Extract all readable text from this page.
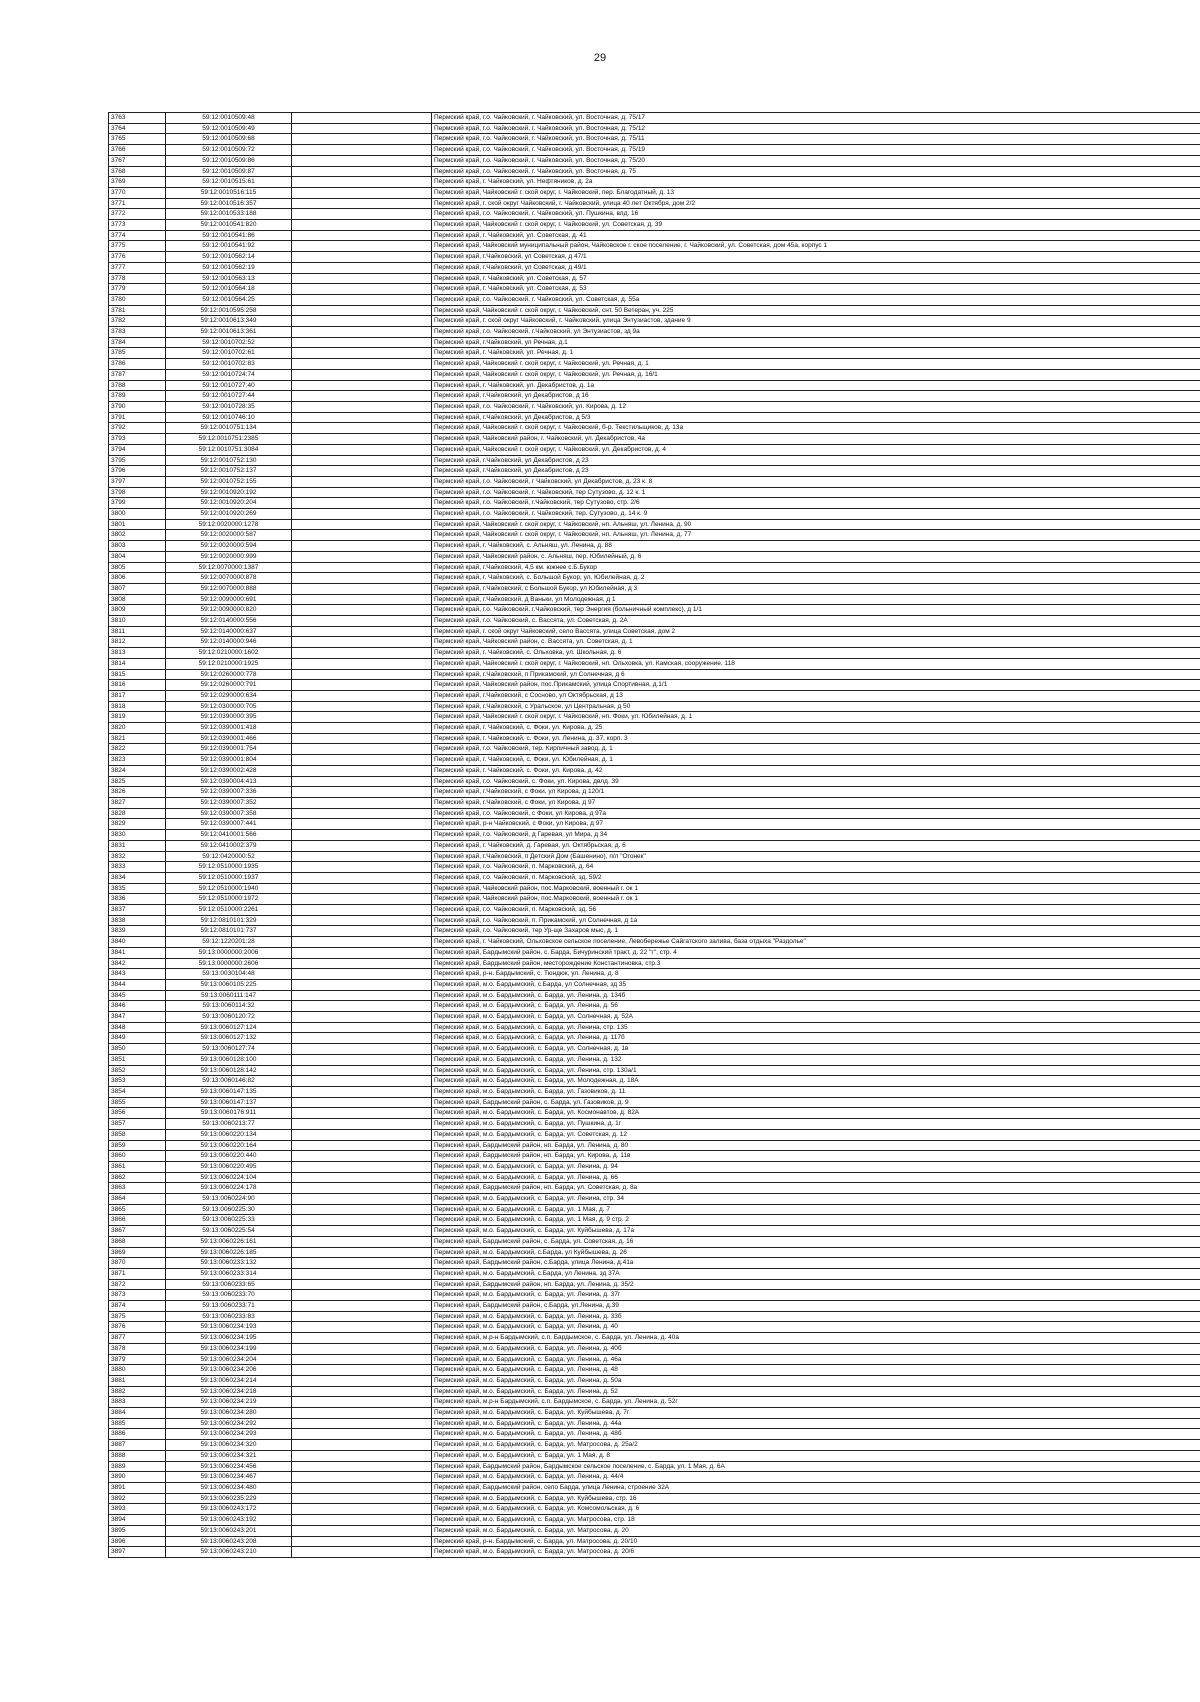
29
3763	59:12:0010509:48		Пермский край, г.о. Чайковский, г. Чайковский, ул. Восточная, д. 75/17
3764	59:12:0010509:49		Пермский край, г.о. Чайковский, г. Чайковский, ул. Восточная, д. 75/12
3765	59:12:0010509:68		Пермский край, г.о. Чайковский, г. Чайковский, ул. Восточная, д. 75/11
3766	59:12:0010509:72		Пермский край, г.о. Чайковский, г. Чайковский, ул. Восточная, д. 75/19
3767	59:12:0010509:86		Пермский край, г.о. Чайковский, г. Чайковский, ул. Восточная, д. 75/20
3768	59:12:0010509:87		Пермский край, г.о. Чайковский, г. Чайковский, ул. Восточная, д. 75
3769	59:12:0010515:61		Пермский край, г. Чайковский, ул. Нефтяников, д. 2а
3770	59:12:0010516:115		Пермский край, Чайковский г. ской округ, г. Чайковский, пер. Благодатный, д. 13
3771	59:12:0010516:357		Пермский край, г. ской округ Чайковский, г. Чайковский, улица 40 лет Октября, дом 2/2
3772	59:12:0010533:188		Пермский край, г.о. Чайковский, г. Чайковский, ул. Пушкина, влд. 16
3773	59:12:0010541:820		Пермский край, Чайковский г. ской округ, г. Чайковский, ул. Советская, д. 39
3774	59:12:0010541:86		Пермский край, г. Чайковский, ул. Советская, д. 41
3775	59:12:0010541:92		Пермский край, Чайковский муниципальный район, Чайковское г. ское поселение, г. Чайковский, ул. Советская, дом 45а, корпус 1
3776	59:12:0010562:14		Пермский край, г.Чайковский, ул Советская, д 47/1
3777	59:12:0010562:19		Пермский край, г.Чайковский, ул Советская, д 49/1
3778	59:12:0010563:13		Пермский край, г. Чайковский, ул. Советская, д. 57
3779	59:12:0010564:18		Пермский край, г. Чайковский, ул. Советская, д. 53
3780	59:12:0010564:25		Пермский край, г.о. Чайковский, г. Чайковский, ул. Советская, д. 55а
3781	59:12:0010595:258		Пермский край, Чайковский г. ской округ, г. Чайковский, снт. 50 Ветеран, уч. 225
3782	59:12:0010613:349		Пермский край, г. ской округ Чайковский, г. Чайковский, улица Энтузиастов, здание 9
3783	59:12:0010613:361		Пермский край, г.о. Чайковский, г.Чайковский, ул Энтузиастов, зд 9а
3784	59:12:0010702:52		Пермский край, г.Чайковский, ул Речная, д.1
3785	59:12:0010702:61		Пермский край, г. Чайковский, ул. Речная, д. 1
3786	59:12:0010702:83		Пермский край, Чайковский г. ской округ, г. Чайковский, ул. Речная, д. 1
3787	59:12:0010724:74		Пермский край, Чайковский г. ской округ, г. Чайковский, ул. Речная, д. 16/1
3788	59:12:0010727:40		Пермский край, г. Чайковский, ул. Декабристов, д. 1а
3789	59:12:0010727:44		Пермский край, г.Чайковский, ул Декабристов, д 16
3790	59:12:0010728:35		Пермский край, г.о. Чайковский, г. Чайковский, ул. Кирова, д. 12
3791	59:12:0010746:10		Пермский край, г.Чайковский, ул Декабристов, д 5/3
3792	59:12:0010751:134		Пермский край, Чайковский г. ской округ, г. Чайковский, б-р. Текстильщиков, д. 13а
3793	59:12:0010751:2385		Пермский край, Чайковский район, г. Чайковский, ул. Декабристов, 4а
3794	59:12:0010751:3084		Пермский край, Чайковский г. ской округ, г. Чайковский, ул. Декабристов, д. 4
3795	59:12:0010752:130		Пермский край, г.Чайковский, ул Декабристов, д 23
3796	59:12:0010752:137		Пермский край, г.Чайковский, ул Декабристов, д 23
3797	59:12:0010752:155		Пермский край, г.о. Чайковский, г Чайковский, ул Декабристов, д. 23 к. 8
3798	59:12:0010920:192		Пермский край, г.о. Чайковский, г. Чайковский, тер Сутузово, д. 12 к. 1
3799	59:12:0010920:204		Пермский край, г.о. Чайковский, г.Чайковский, тер Сутузово, стр. 2/6
3800	59:12:0010920:269		Пермский край, г.о. Чайковский, г. Чайковский, тер. Сутузово, д. 14 к. 9
3801	59:12:0020000:1278		Пермский край, Чайковский г. ской округ, г. Чайковский, нп. Альняш, ул. Ленина, д. 90
3802	59:12:0020000:587		Пермский край, Чайковский г. ской округ, г. Чайковский, нп. Альняш, ул. Ленина, д. 77
3803	59:12:0020000:594		Пермский край, г. Чайковский, с. Альняш, ул. Ленина, д. 88
3804	59:12:0020000:999		Пермский край, Чайковский район, с. Альняш, пер. Юбилейный, д. 6
3805	59:12:0070000:1387		Пермский край, г.Чайковский, 4,5 км. южнее с.Б.Букор
3806	59:12:0070000:878		Пермский край, г. Чайковский, с. Большой Букор, ул. Юбилейная, д. 2
3807	59:12:0070000:888		Пермский край, г.Чайковский, с Большой Букор, ул Юбилейная, д 3
3808	59:12:0090000:691		Пермский край, г.Чайковский, д Ваньки, ул Молодежная, д 1
3809	59:12:0090000:820		Пермский край, г.о. Чайковский, г.Чайковский, тер Энергия (больничный комплекс), д 1/1
3810	59:12:0140000:556		Пермский край, г.о. Чайковский, с. Вассята, ул. Советская, д. 2А
3811	59:12:0140000:637		Пермский край, г. ской округ Чайковский, село Вассята, улица Советская, дом 2
3812	59:12:0140000:946		Пермский край, Чайковский район, с. Вассята, ул. Советская, д. 1
3813	59:12:0210000:1602		Пермский край, г. Чайковский, с. Ольховка, ул. Школьная, д. 6
3814	59:12:0210000:1925		Пермский край, Чайковский г. ской округ, г. Чайковский, нп. Ольховка, ул. Камская, сооружение. 118
3815	59:12:0260000:778		Пермский край, г.Чайковский, п Прикамский, ул Солнечная, д 6
3816	59:12:0260000:791		Пермский край, Чайковский район, пос.Прикамский, улица Спортивная, д.1/1
3817	59:12:0290000:634		Пермский край, г.Чайковский, с Сосново, ул Октябрьская, д 13
3818	59:12:0300000:705		Пермский край, г.Чайковский, с Уральское, ул Центральная, д 50
3819	59:12:0390000:395		Пермский край, Чайковский г. ской округ, г. Чайковский, нп. Фоки, ул. Юбилейная, д. 1
3820	59:12:0390001:418		Пермский край, г. Чайковский, с. Фоки, ул. Кирова, д. 25
3821	59:12:0390001:466		Пермский край, г. Чайковский, с. Фоки, ул. Ленина, д. 37, корп. 3
3822	59:12:0390001:754		Пермский край, г.о. Чайковский, тер. Кирпичный завод, д. 1
3823	59:12:0390001:804		Пермский край, г. Чайковский, с. Фоки, ул. Юбилейная, д. 1
3824	59:12:0390002:428		Пермский край, г. Чайковский, с. Фоки, ул. Кирова, д. 42
3825	59:12:0390004:413		Пермский край, г.о. Чайковский, с. Фоки, ул. Кирова, двлд. 39
3826	59:12:0390007:336		Пермский край, г.Чайковский, с Фоки, ул Кирова, д 120/1
3827	59:12:0390007:352		Пермский край, г.Чайковский, с Фоки, ул Кирова, д 97
3828	59:12:0390007:358		Пермский край, г.о. Чайковский, с Фоки, ул Кирова, д 97а
3829	59:12:0390007:441		Пермский край, р-н Чайковский, с Фоки, ул Кирова, д 97
3830	59:12:0410001:566		Пермский край, г.о. Чайковский, д Гаревая, ул Мира, д 34
3831	59:12:0410002:379		Пермский край, г. Чайковский, д. Гаревая, ул. Октябрьская, д. 6
3832	59:12:0420000:52		Пермский край, г.Чайковский, п Детский Дом (Башенино), п/л "Огонек"
3833	59:12:0510000:1935		Пермский край, г.о. Чайковский, п. Марковский, д. 64
3834	59:12:0510000:1937		Пермский край, г.о. Чайковский, п. Марковский, зд. 59/2
3835	59:12:0510000:1940		Пермский край, Чайковский район, пос.Марковский, военный г. ок 1
3836	59:12:0510000:1972		Пермский край, Чайковский район, пос.Марковский, военный г. ок 1
3837	59:12:0510000:2261		Пермский край, г.о. Чайковский, п. Марковский, зд. 56
3838	59:12:0810101:329		Пермский край, г.о. Чайковский, п. Прикамский, ул Солнечная, д 1а
3839	59:12:0810101:737		Пермский край, г.о. Чайковский, тер Ур-ще Захаров мыс, д. 1
3840	59:12:1220201:28		Пермский край, г. Чайковский, Ольховское сельское поселение, Левобережье Сайгатского залива, база отдыха "Раздолье"
3841	59:13:0000000:2006		Пермский край, Бардымский район, с. Барда, Бичуринский тракт, д. 22 "г", стр. 4
3842	59:13:0000000:2606		Пермский край, Бардымский район, месторождение Константиновка, стр.3
3843	59:13:0030104:48		Пермский край, р-н. Бардымский, с. Тюндюк, ул. Ленина, д. 8
3844	59:13:0060105:225		Пермский край, м.о. Бардымский, с.Барда, ул Солнечная, зд 35
3845	59:13:0060111:147		Пермский край, м.о. Бардымский, с. Барда, ул. Ленина, д. 134б
3846	59:13:0060114:32		Пермский край, м.о. Бардымский, с. Барда, ул. Ленина, д. 56
3847	59:13:0060120:72		Пермский край, м.о. Бардымский, с. Барда, ул. Солнечная, д. 52А
3848	59:13:0060127:124		Пермский край, м.о. Бардымский, с. Барда, ул. Ленина, стр. 135
3849	59:13:0060127:132		Пермский край, м.о. Бардымский, с. Барда, ул. Ленина, д. 117б
3850	59:13:0060127:74		Пермский край, м.о. Бардымский, с. Барда, ул. Солнечная, д. 1в
3851	59:13:0060128:100		Пермский край, м.о. Бардымский, с. Барда, ул. Ленина, д. 132
3852	59:13:0060128:142		Пермский край, м.о. Бардымский, с. Барда, ул. Ленина, стр. 130а/1
3853	59:13:0060146:82		Пермский край, м.о. Бардымский, с. Барда, ул. Молодежная, д. 18А
3854	59:13:0060147:135		Пермский край, м.о. Бардымский, с. Барда, ул. Газовиков, д. 11
3855	59:13:0060147:137		Пермский край, Бардымский район, с. Барда, ул. Газовиков, д. 9
3856	59:13:0060176:911		Пермский край, м.о. Бардымский, с. Барда, ул. Космонавтов, д. 82А
3857	59:13:0060213:77		Пермский край, м.о. Бардымский, с. Барда, ул. Пушкина, д. 1г
3858	59:13:0060220:134		Пермский край, м.о. Бардымский, с. Барда, ул. Советская, д. 12
3859	59:13:0060220:164		Пермский край, Бардымский район, нп. Барда, ул. Ленина, д. 80
3860	59:13:0060220:440		Пермский край, Бардымский район, нп. Барда, ул. Кирова, д. 11в
3861	59:13:0060220:495		Пермский край, м.о. Бардымский, с. Барда, ул. Ленина, д. 94
3862	59:13:0060224:104		Пермский край, м.о. Бардымский, с. Барда, ул. Ленина, д. 66
3863	59:13:0060224:178		Пермский край, Бардымский район, нп. Барда, ул. Советская, д. 8а
3864	59:13:0060224:90		Пермский край, м.о. Бардымский, с. Барда, ул. Ленина, стр. 34
3865	59:13:0060225:30		Пермский край, м.о. Бардымский, с. Барда, ул. 1 Мая, д. 7
3866	59:13:0060225:33		Пермский край, м.о. Бардымский, с. Барда, ул. 1 Мая, д. 9 стр. 2
3867	59:13:0060225:54		Пермский край, м.о. Бардымский, с. Барда, ул. Куйбышева, д. 17а
3868	59:13:0060226:161		Пермский край, Бардымский район, с. Барда, ул. Советская, д. 16
3869	59:13:0060226:185		Пермский край, м.о. Бардымский, с.Барда, ул Куйбышева, д. 26
3870	59:13:0060233:132		Пермский край, Бардымский район, с.Барда, улица Ленина, д.41а
3871	59:13:0060233:314		Пермский край, м.о. Бардымский, с.Барда, ул Ленина, зд 37А
3872	59:13:0060233:65		Пермский край, Бардымский район, нп. Барда, ул. Ленина, д. 35/2
3873	59:13:0060233:70		Пермский край, м.о. Бардымский, с. Барда, ул. Ленина, д. 37г
3874	59:13:0060233:71		Пермский край, Бардымский район, с.Барда, ул.Ленина, д.39
3875	59:13:0060233:83		Пермский край, м.о. Бардымский, с. Барда, ул. Ленина, д. 33б
3876	59:13:0060234:193		Пермский край, м.о. Бардымский, с. Барда, ул. Ленина, д. 40
3877	59:13:0060234:195		Пермский край, м.р-н Бардымский, с.п. Бардымское, с. Барда, ул. Ленина, д. 40а
3878	59:13:0060234:199		Пермский край, м.о. Бардымский, с. Барда, ул. Ленина, д. 40б
3879	59:13:0060234:204		Пермский край, м.о. Бардымский, с. Барда, ул. Ленина, д. 46а
3880	59:13:0060234:206		Пермский край, м.о. Бардымский, с. Барда, ул. Ленина, д. 48
3881	59:13:0060234:214		Пермский край, м.о. Бардымский, с. Барда, ул. Ленина, д. 50а
3882	59:13:0060234:218		Пермский край, м.о. Бардымский, с. Барда, ул. Ленина, д. 52
3883	59:13:0060234:219		Пермский край, м.р-н Бардымский, с.п. Бардымское, с. Барда, ул. Ленина, д. 52г
3884	59:13:0060234:280		Пермский край, м.о. Бардымский, с. Барда, ул. Куйбышева, д. 7г
3885	59:13:0060234:292		Пермский край, м.о. Бардымский, с. Барда, ул. Ленина, д. 44а
3886	59:13:0060234:293		Пермский край, м.о. Бардымский, с. Барда, ул. Ленина, д. 48б
3887	59:13:0060234:320		Пермский край, м.о. Бардымский, с. Барда, ул. Матросова, д. 25а/2
3888	59:13:0060234:321		Пермский край, м.о. Бардымский, с. Барда, ул. 1 Мая, д. 8
3889	59:13:0060234:456		Пермский край, Бардымский район, Бардымское сельское поселение, с. Барда, ул. 1 Мая, д. 6А
3890	59:13:0060234:467		Пермский край, м.о. Бардымский, с. Барда, ул. Ленина, д. 44/4
3891	59:13:0060234:480		Пермский край, Бардымский район, село Барда, улица Ленина, строение 32А
3892	59:13:0060235:229		Пермский край, м.о. Бардымский, с. Барда, ул. Куйбышева, стр. 16
3893	59:13:0060243:172		Пермский край, м.о. Бардымский, с. Барда, ул. Комсомольская, д. 6
3894	59:13:0060243:192		Пермский край, м.о. Бардымский, с. Барда, ул. Матросова, стр. 18
3895	59:13:0060243:201		Пермский край, м.о. Бардымский, с. Барда, ул. Матросова, д. 20
3896	59:13:0060243:208		Пермский край, р-н. Бардымский, с. Барда, ул. Матросова, д. 20/10
3897	59:13:0060243:210		Пермский край, м.о. Бардымский, с. Барда, ул. Матросова, д. 20/6
